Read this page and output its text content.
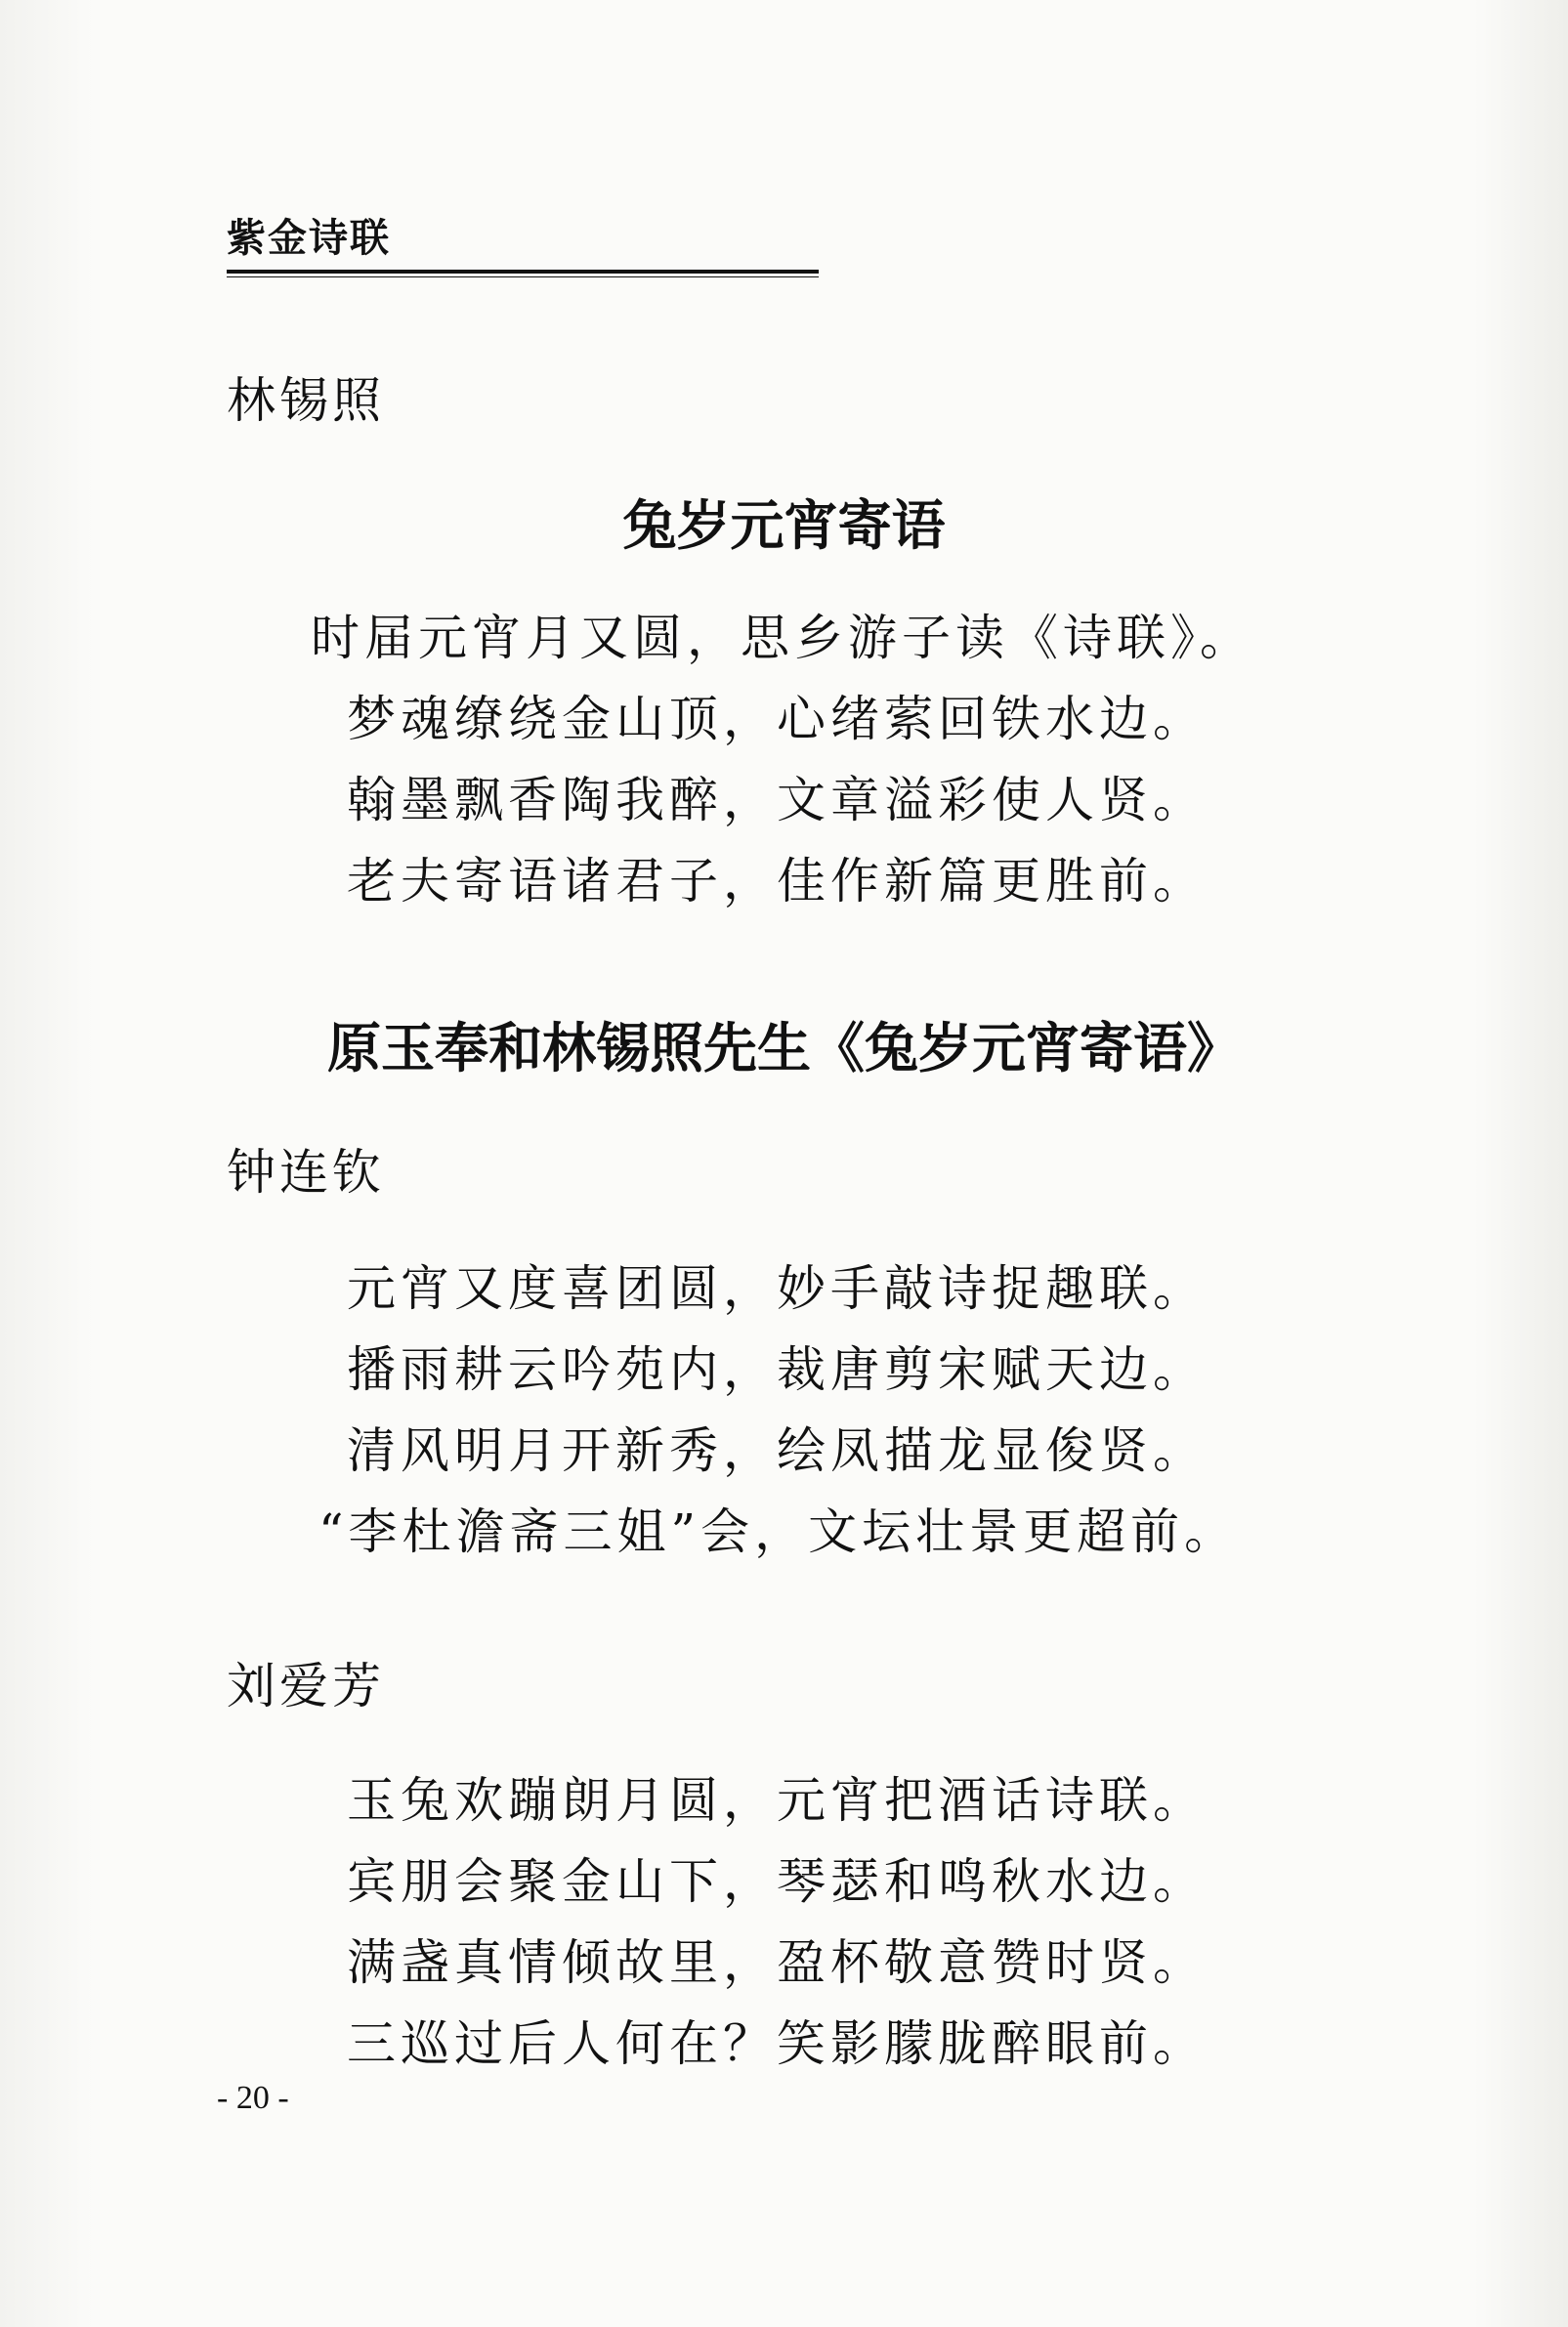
紫金诗联
林锡照
兔岁元宵寄语
时届元宵月又圆，思乡游子读《诗联》。
梦魂缭绕金山顶，心绪萦回铁水边。
翰墨飘香陶我醉，文章溢彩使人贤。
老夫寄语诸君子，佳作新篇更胜前。
原玉奉和林锡照先生《兔岁元宵寄语》
钟连钦
元宵又度喜团圆，妙手敲诗捉趣联。
播雨耕云吟苑内，裁唐剪宋赋天边。
清风明月开新秀，绘凤描龙显俊贤。
“李杜澹斋三姐”会，文坛壮景更超前。
刘爱芳
玉兔欢蹦朗月圆，元宵把酒话诗联。
宾朋会聚金山下，琴瑟和鸣秋水边。
满盏真情倾故里，盈杯敬意赞时贤。
三巡过后人何在？笑影朦胧醉眼前。
- 20 -
